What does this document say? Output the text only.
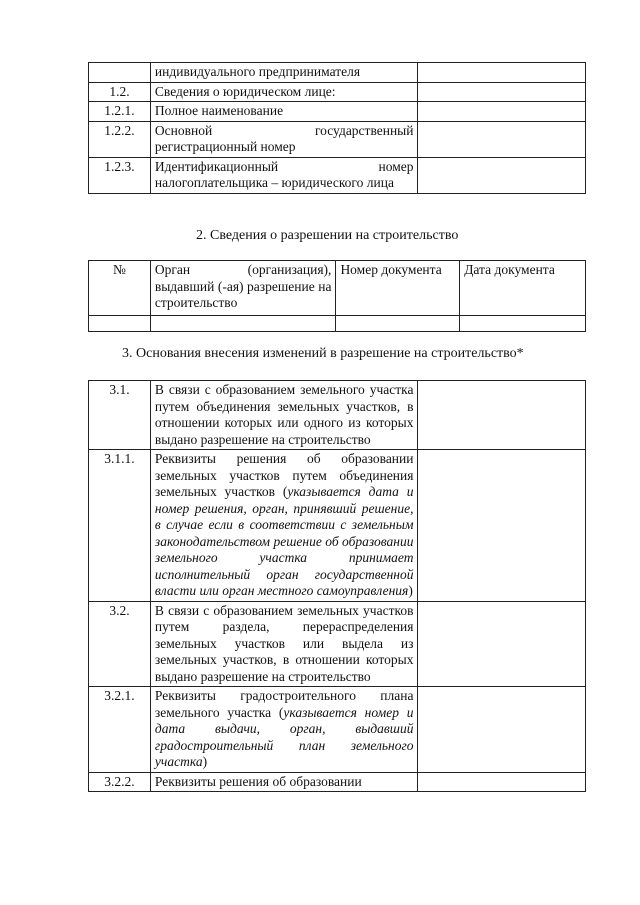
	индивидуального предпринимателя	
1.2.	Сведения о юридическом лице:	
1.2.1.	Полное наименование	
1.2.2.	Основной государственный регистрационный номер	
1.2.3.	Идентификационный номер налогоплательщика – юридического лица	
2. Сведения о разрешении на строительство
№	Орган (организация), выдавший (-ая) разрешение на строительство	Номер документа	Дата документа

3. Основания внесения изменений в разрешение на строительство*
3.1.	В связи с образованием земельного участка путем объединения земельных участков, в отношении которых или одного из которых выдано разрешение на строительство	
3.1.1.	Реквизиты решения об образовании земельных участков путем объединения земельных участков (указывается дата и номер решения, орган, принявший решение, в случае если в соответствии с земельным законодательством решение об образовании земельного участка принимает исполнительный орган государственной власти или орган местного самоуправления)	
3.2.	В связи с образованием земельных участков путем раздела, перераспределения земельных участков или выдела из земельных участков, в отношении которых выдано разрешение на строительство	
3.2.1.	Реквизиты градостроительного плана земельного участка (указывается номер и дата выдачи, орган, выдавший градостроительный план земельного участка)	
3.2.2.	Реквизиты решения об образовании	
